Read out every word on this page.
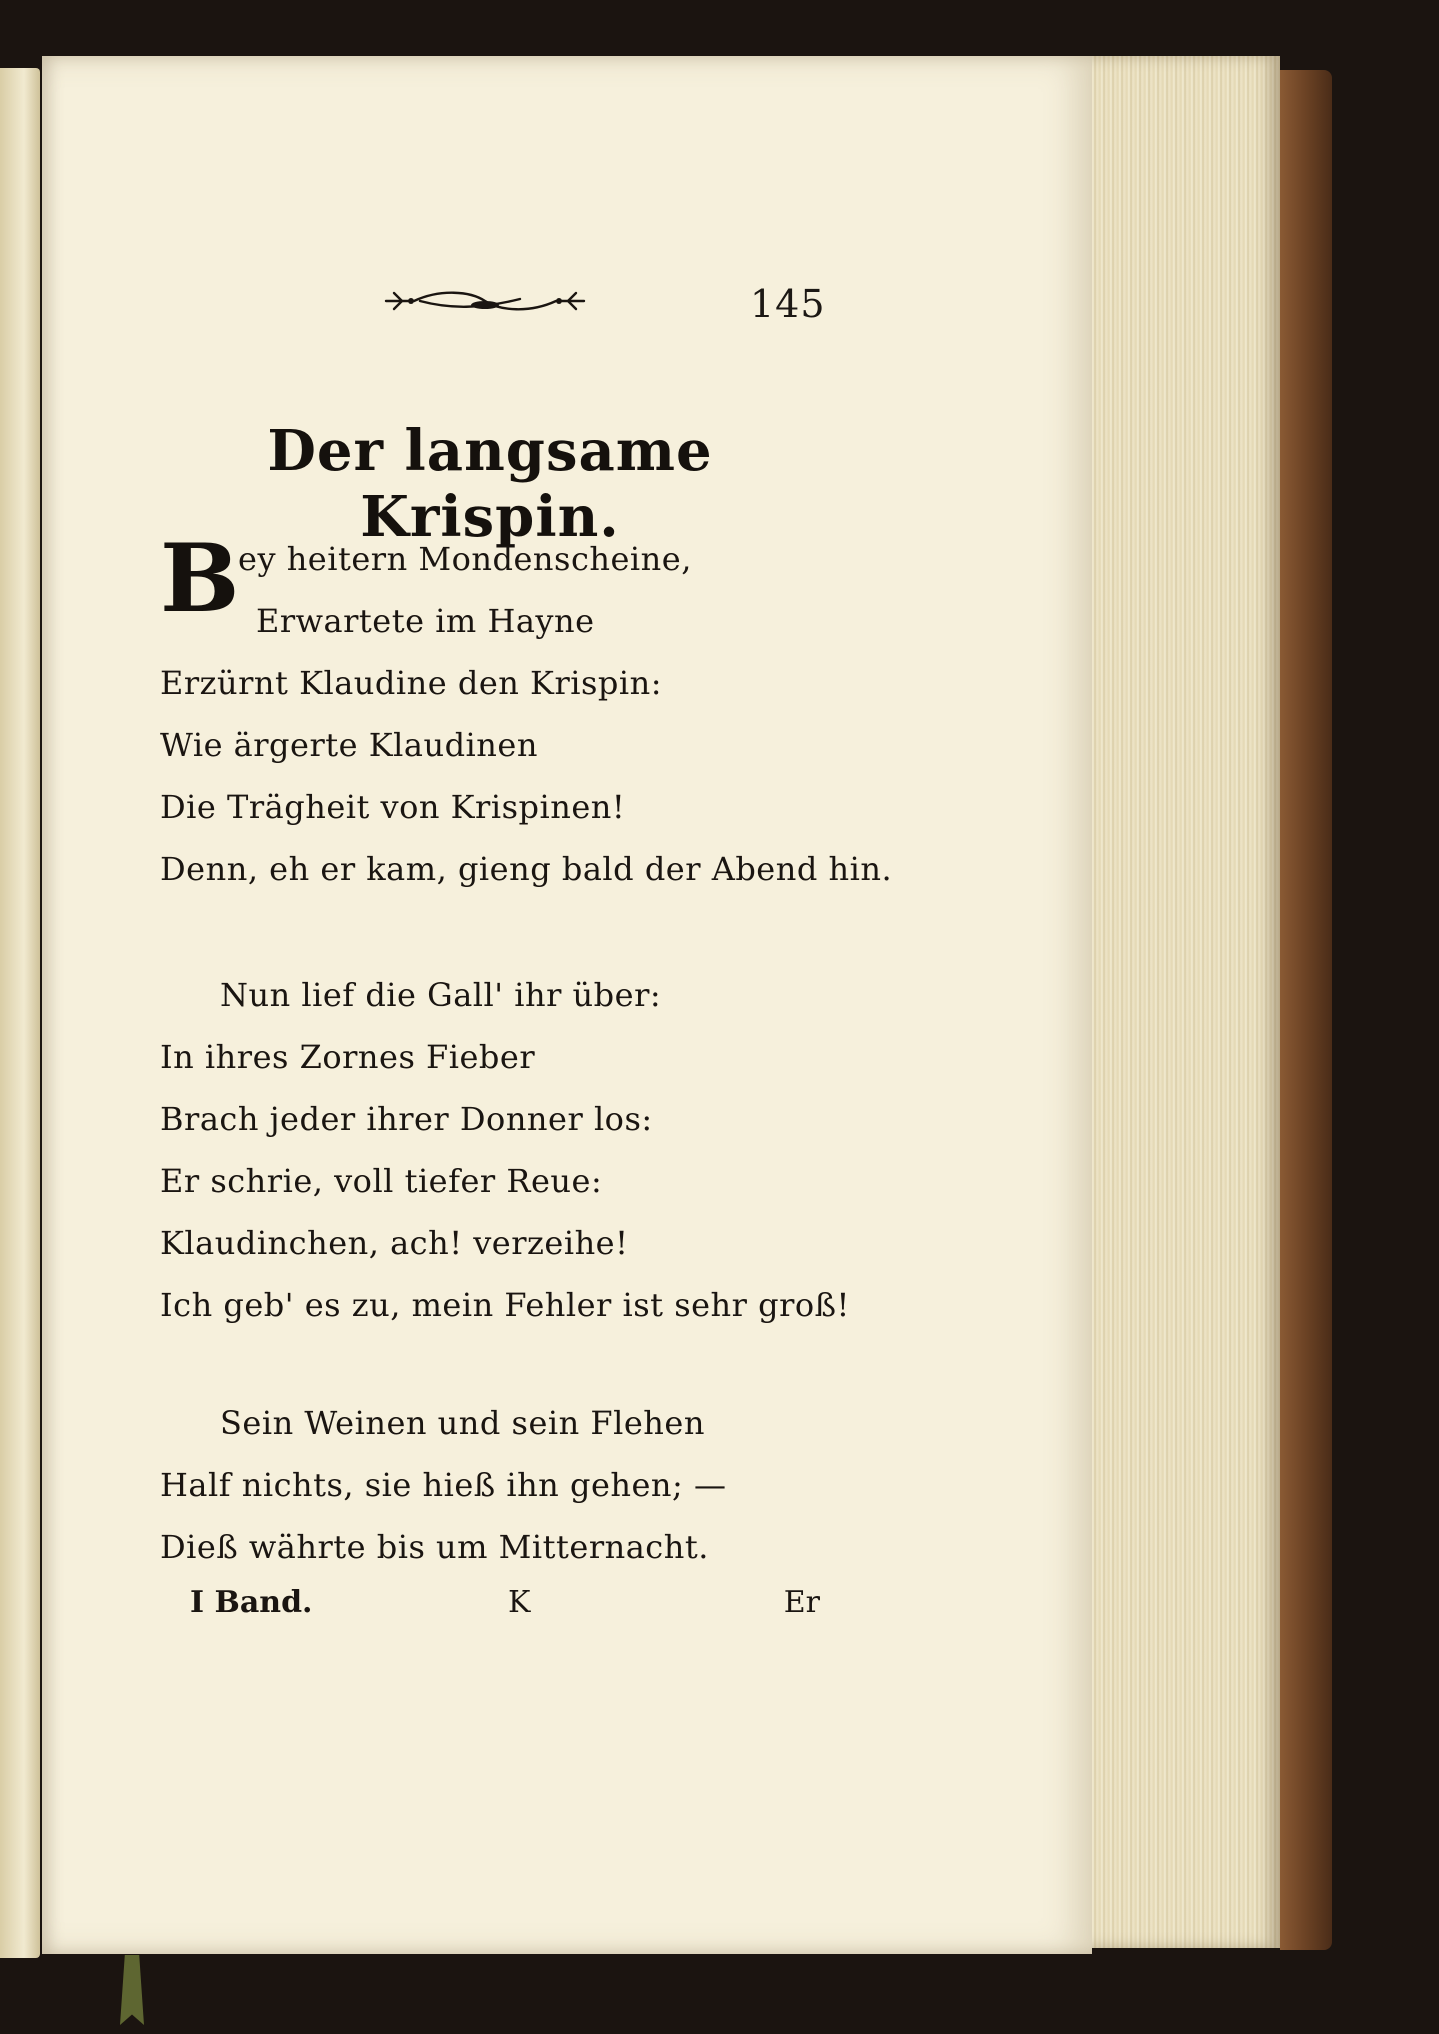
145
Der langsame Krispin.
B
ey heitern Mondenscheine,
Erwartete im Hayne
Erzürnt Klaudine den Krispin:
Wie ärgerte Klaudinen
Die Trägheit von Krispinen!
Denn, eh er kam, gieng bald der Abend hin.
Nun lief die Gall' ihr über:
In ihres Zornes Fieber
Brach jeder ihrer Donner los:
Er schrie, voll tiefer Reue:
Klaudinchen, ach! verzeihe!
Ich geb' es zu, mein Fehler ist sehr groß!
Sein Weinen und sein Flehen
Half nichts, sie hieß ihn gehen; —
Dieß währte bis um Mitternacht.
I Band.	K	Er
